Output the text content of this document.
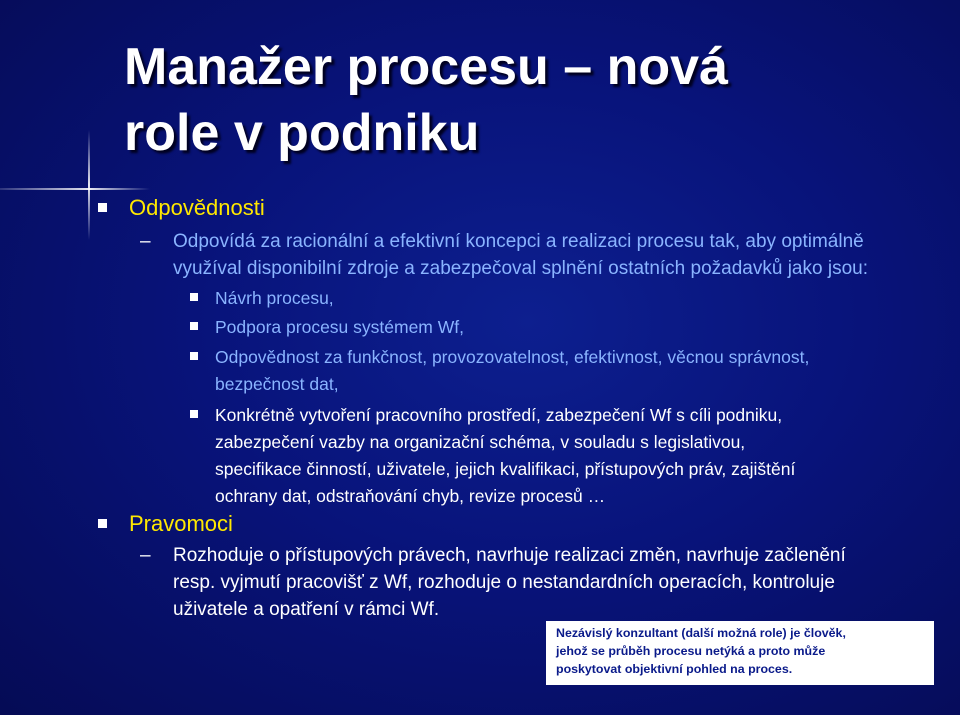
Manažer procesu – nová
role v podniku
Odpovědnosti
– Odpovídá za racionální a efektivní koncepci a realizaci procesu tak, aby optimálně
využíval disponibilní zdroje a zabezpečoval splnění ostatních požadavků jako jsou:
Návrh procesu,
Podpora procesu systémem Wf,
Odpovědnost za funkčnost, provozovatelnost, efektivnost, věcnou správnost,
bezpečnost dat,
Konkrétně vytvoření pracovního prostředí, zabezpečení Wf s cíli podniku,
zabezpečení vazby na organizační schéma, v souladu s legislativou,
specifikace činností, uživatele, jejich kvalifikaci, přístupových práv, zajištění
ochrany dat, odstraňování chyb, revize procesů …
Pravomoci
– Rozhoduje o přístupových právech, navrhuje realizaci změn, navrhuje začlenění
resp. vyjmutí pracovišť z Wf, rozhoduje o nestandardních operacích, kontroluje
uživatele a opatření v rámci Wf.
Nezávislý konzultant (další možná role) je člověk,
jehož se průběh procesu netýká a proto může
poskytovat objektivní pohled na proces.
